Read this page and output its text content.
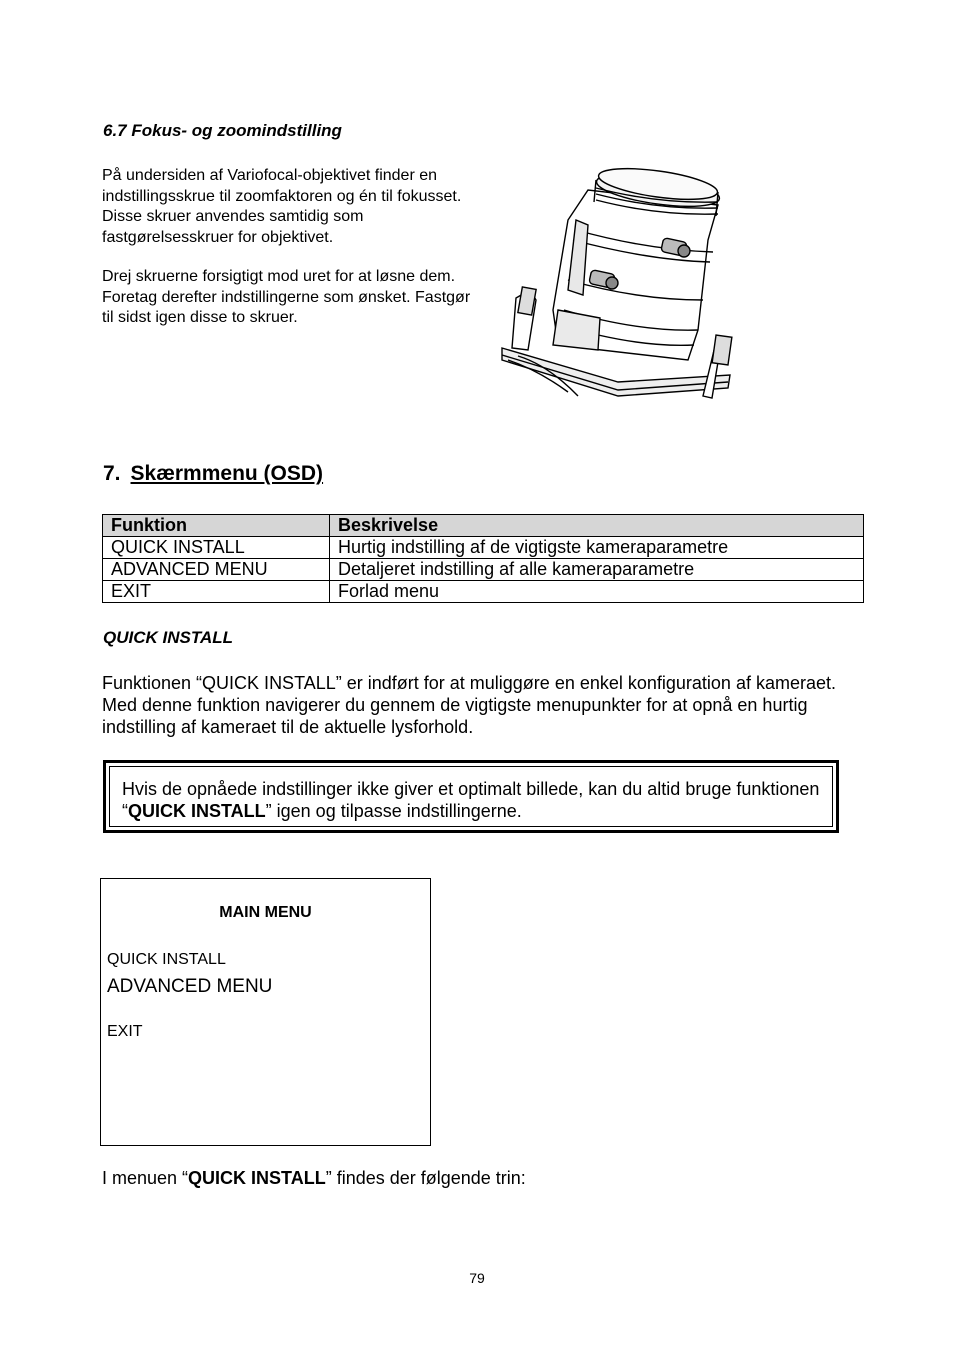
6.7 Fokus- og zoomindstilling
På undersiden af Variofocal-objektivet finder en indstillingsskrue til zoomfaktoren og én til fokusset. Disse skruer anvendes samtidig som fastgørelsesskruer for objektivet.
Drej skruerne forsigtigt mod uret for at løsne dem. Foretag derefter indstillingerne som ønsket. Fastgør til sidst igen disse to skruer.
7. Skærmmenu (OSD)
Funktion	Beskrivelse
QUICK INSTALL	Hurtig indstilling af de vigtigste kameraparametre
ADVANCED MENU	Detaljeret indstilling af alle kameraparametre
EXIT	Forlad menu
QUICK INSTALL
Funktionen “QUICK INSTALL” er indført for at muliggøre en enkel konfiguration af kameraet. Med denne funktion navigerer du gennem de vigtigste menupunkter for at opnå en hurtig indstilling af kameraet til de aktuelle lysforhold.
Hvis de opnåede indstillinger ikke giver et optimalt billede, kan du altid bruge funktionen “QUICK INSTALL” igen og tilpasse indstillingerne.
MAIN MENU
QUICK INSTALL
ADVANCED MENU
EXIT
I menuen “QUICK INSTALL” findes der følgende trin:
79
